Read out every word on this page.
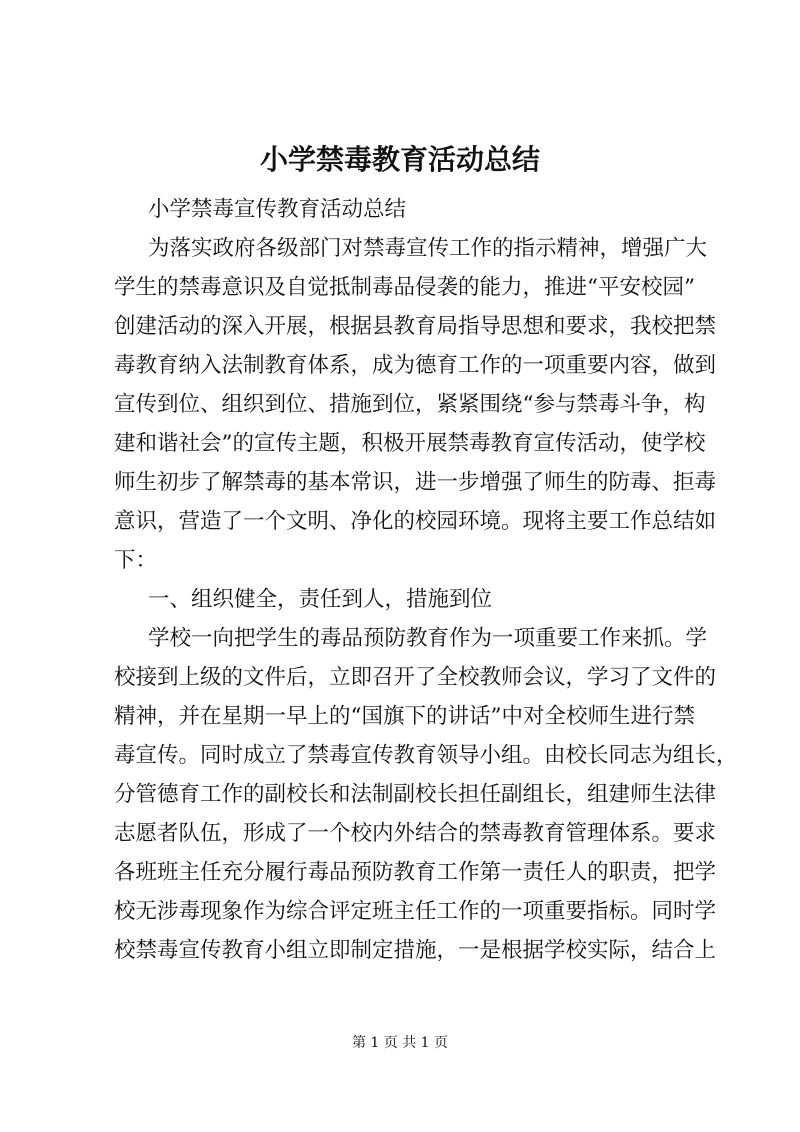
小学禁毒教育活动总结
小学禁毒宣传教育活动总结
为落实政府各级部门对禁毒宣传工作的指示精神，增强广大
学生的禁毒意识及自觉抵制毒品侵袭的能力，推进“平安校园”
创建活动的深入开展，根据县教育局指导思想和要求，我校把禁
毒教育纳入法制教育体系，成为德育工作的一项重要内容，做到
宣传到位、组织到位、措施到位，紧紧围绕“参与禁毒斗争，构
建和谐社会”的宣传主题，积极开展禁毒教育宣传活动，使学校
师生初步了解禁毒的基本常识，进一步增强了师生的防毒、拒毒
意识，营造了一个文明、净化的校园环境。现将主要工作总结如
下：
一、组织健全，责任到人，措施到位
学校一向把学生的毒品预防教育作为一项重要工作来抓。学
校接到上级的文件后，立即召开了全校教师会议，学习了文件的
精神，并在星期一早上的“国旗下的讲话”中对全校师生进行禁
毒宣传。同时成立了禁毒宣传教育领导小组。由校长同志为组长，
分管德育工作的副校长和法制副校长担任副组长，组建师生法律
志愿者队伍，形成了一个校内外结合的禁毒教育管理体系。要求
各班班主任充分履行毒品预防教育工作第一责任人的职责，把学
校无涉毒现象作为综合评定班主任工作的一项重要指标。同时学
校禁毒宣传教育小组立即制定措施，一是根据学校实际，结合上
第 1 页 共 1 页
